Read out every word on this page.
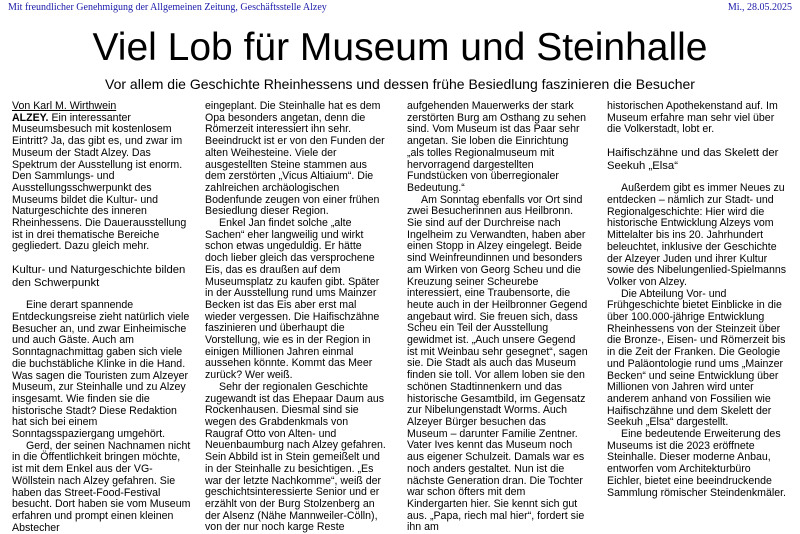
Mit freundlicher Genehmigung der Allgemeinen Zeitung, Geschäftsstelle Alzey	Mi., 28.05.2025
Viel Lob für Museum und Steinhalle
Vor allem die Geschichte Rheinhessens und dessen frühe Besiedlung faszinieren die Besucher

Von Karl M. Wirthwein

ALZEY. Ein interessanter Museumsbesuch mit kostenlosem Eintritt? Ja, das gibt es, und zwar im Museum der Stadt Alzey. Das Spektrum der Ausstellung ist enorm. Den Sammlungs- und Ausstellungsschwerpunkt des Museums bildet die Kultur- und Naturgeschichte des inneren Rheinhessens. Die Dauerausstellung ist in drei thematische Bereiche gegliedert. Dazu gleich mehr.

Kultur- und Naturgeschichte bilden den Schwerpunkt

Eine derart spannende Entdeckungsreise zieht natürlich viele Besucher an, und zwar Einheimische und auch Gäste. Auch am Sonntagnachmittag gaben sich viele die buchstäbliche Klinke in die Hand. Was sagen die Touristen zum Alzeyer Museum, zur Steinhalle und zu Alzey insgesamt. Wie finden sie die historische Stadt? Diese Redaktion hat sich bei einem Sonntagsspaziergang umgehört.

Gerd, der seinen Nachnamen nicht in die Öffentlichkeit bringen möchte, ist mit dem Enkel aus der VG-Wöllstein nach Alzey gefahren. Sie haben das Street-Food-Festival besucht. Dort haben sie vom Museum erfahren und prompt einen kleinen Abstecher

eingeplant. Die Steinhalle hat es dem Opa besonders angetan, denn die Römerzeit interessiert ihn sehr. Beeindruckt ist er von den Funden der alten Weihesteine. Viele der ausgestellten Steine stammen aus dem zerstörten „Vicus Altiaium“. Die zahlreichen archäologischen Bodenfunde zeugen von einer frühen Besiedlung dieser Region.

Enkel Jan findet solche „alte Sachen“ eher langweilig und wirkt schon etwas ungeduldig. Er hätte doch lieber gleich das versprochene Eis, das es draußen auf dem Museumsplatz zu kaufen gibt. Später in der Ausstellung rund ums Mainzer Becken ist das Eis aber erst mal wieder vergessen. Die Haifischzähne faszinieren und überhaupt die Vorstellung, wie es in der Region in einigen Millionen Jahren einmal aussehen könnte. Kommt das Meer zurück? Wer weiß.

Sehr der regionalen Geschichte zugewandt ist das Ehepaar Daum aus Rockenhausen. Diesmal sind sie wegen des Grabdenkmals von Raugraf Otto von Alten- und Neuenbaumburg nach Alzey gefahren. Sein Abbild ist in Stein gemeißelt und in der Steinhalle zu besichtigen. „Es war der letzte Nachkomme“, weiß der geschichtsinteressierte Senior und er erzählt von der Burg Stolzenberg an der Alsenz (Nähe Mannweiler-Cölln), von der nur noch karge Reste

aufgehenden Mauerwerks der stark zerstörten Burg am Osthang zu sehen sind. Vom Museum ist das Paar sehr angetan. Sie loben die Einrichtung „als tolles Regionalmuseum mit hervorragend dargestellten Fundstücken von überregionaler Bedeutung.“

Am Sonntag ebenfalls vor Ort sind zwei Besucherinnen aus Heilbronn. Sie sind auf der Durchreise nach Ingelheim zu Verwandten, haben aber einen Stopp in Alzey eingelegt. Beide sind Weinfreundinnen und besonders am Wirken von Georg Scheu und die Kreuzung seiner Scheurebe interessiert, eine Traubensorte, die heute auch in der Heilbronner Gegend angebaut wird. Sie freuen sich, dass Scheu ein Teil der Ausstellung gewidmet ist. „Auch unsere Gegend ist mit Weinbau sehr gesegnet“, sagen sie. Die Stadt als auch das Museum finden sie toll. Vor allem loben sie den schönen Stadtinnenkern und das historische Gesamtbild, im Gegensatz zur Nibelungenstadt Worms. Auch Alzeyer Bürger besuchen das Museum – darunter Familie Zentner. Vater Ives kennt das Museum noch aus eigener Schulzeit. Damals war es noch anders gestaltet. Nun ist die nächste Generation dran. Die Tochter war schon öfters mit dem Kindergarten hier. Sie kennt sich gut aus. „Papa, riech mal hier“, fordert sie ihn am

historischen Apothekenstand auf. Im Museum erfahre man sehr viel über die Volkerstadt, lobt er.

Haifischzähne und das Skelett der Seekuh „Elsa“

Außerdem gibt es immer Neues zu entdecken – nämlich zur Stadt- und Regionalgeschichte: Hier wird die historische Entwicklung Alzeys vom Mittelalter bis ins 20. Jahrhundert beleuchtet, inklusive der Geschichte der Alzeyer Juden und ihrer Kultur sowie des Nibelungenlied-Spielmanns Volker von Alzey.

Die Abteilung Vor- und Frühgeschichte bietet Einblicke in die über 100.000-jährige Entwicklung Rheinhessens von der Steinzeit über die Bronze-, Eisen- und Römerzeit bis in die Zeit der Franken. Die Geologie und Paläontologie rund ums „Mainzer Becken“ und seine Entwicklung über Millionen von Jahren wird unter anderem anhand von Fossilien wie Haifischzähne und dem Skelett der Seekuh „Elsa“ dargestellt.

Eine bedeutende Erweiterung des Museums ist die 2023 eröffnete Steinhalle. Dieser moderne Anbau, entworfen vom Architekturbüro Eichler, bietet eine beeindruckende Sammlung römischer Steindenkmäler.
